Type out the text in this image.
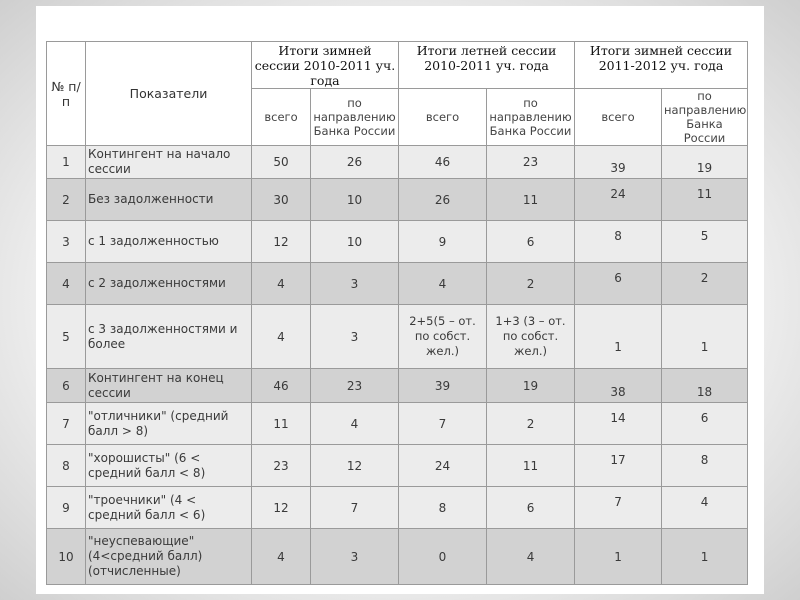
№ п/п	Показатели	Итоги зимней сессии 2010-2011 уч. года		Итоги летней сессии 2010-2011 уч. года		Итоги зимней сессии 2011-2012 уч. года	
		всего	по направлению Банка России	всего	по направлению Банка России	всего	по направлению Банка России
1	Контингент на начало сессии	50	26	46	23	39	19
2	Без задолженности	30	10	26	11	24	11
3	с 1 задолженностью	12	10	9	6	8	5
4	с 2 задолженностями	4	3	4	2	6	2
5	с 3 задолженностями и более	4	3	2+5(5 – от. по собст. жел.)	1+3 (3 – от. по собст. жел.)	1	1
6	Контингент на конец сессии	46	23	39	19	38	18
7	"отличники" (средний балл > 8)	11	4	7	2	14	6
8	"хорошисты" (6 < средний балл < 8)	23	12	24	11	17	8
9	"троечники" (4 < средний балл < 6)	12	7	8	6	7	4
10	"неуспевающие" (4<средний балл) (отчисленные)	4	3	0	4	1	1
